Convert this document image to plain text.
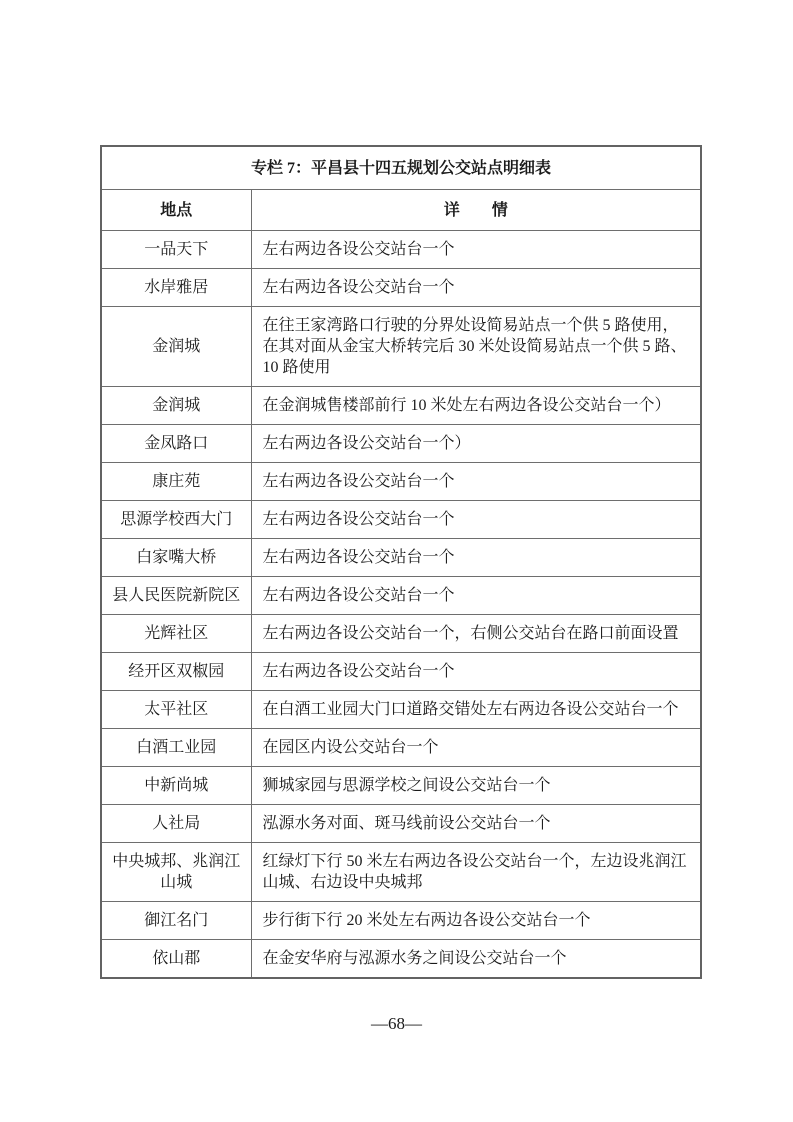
专栏 7：平昌县十四五规划公交站点明细表	
地点	详　　情
一品天下	左右两边各设公交站台一个
水岸雅居	左右两边各设公交站台一个
金润城	在往王家湾路口行驶的分界处设简易站点一个供 5 路使用，在其对面从金宝大桥转完后 30 米处设简易站点一个供 5 路、10 路使用
金润城	在金润城售楼部前行 10 米处左右两边各设公交站台一个）
金凤路口	左右两边各设公交站台一个）
康庄苑	左右两边各设公交站台一个
思源学校西大门	左右两边各设公交站台一个
白家嘴大桥	左右两边各设公交站台一个
县人民医院新院区	左右两边各设公交站台一个
光辉社区	左右两边各设公交站台一个，右侧公交站台在路口前面设置
经开区双椒园	左右两边各设公交站台一个
太平社区	在白酒工业园大门口道路交错处左右两边各设公交站台一个
白酒工业园	在园区内设公交站台一个
中新尚城	狮城家园与思源学校之间设公交站台一个
人社局	泓源水务对面、斑马线前设公交站台一个
中央城邦、兆润江山城	红绿灯下行 50 米左右两边各设公交站台一个，左边设兆润江山城、右边设中央城邦
御江名门	步行街下行 20 米处左右两边各设公交站台一个
依山郡	在金安华府与泓源水务之间设公交站台一个
—68—
